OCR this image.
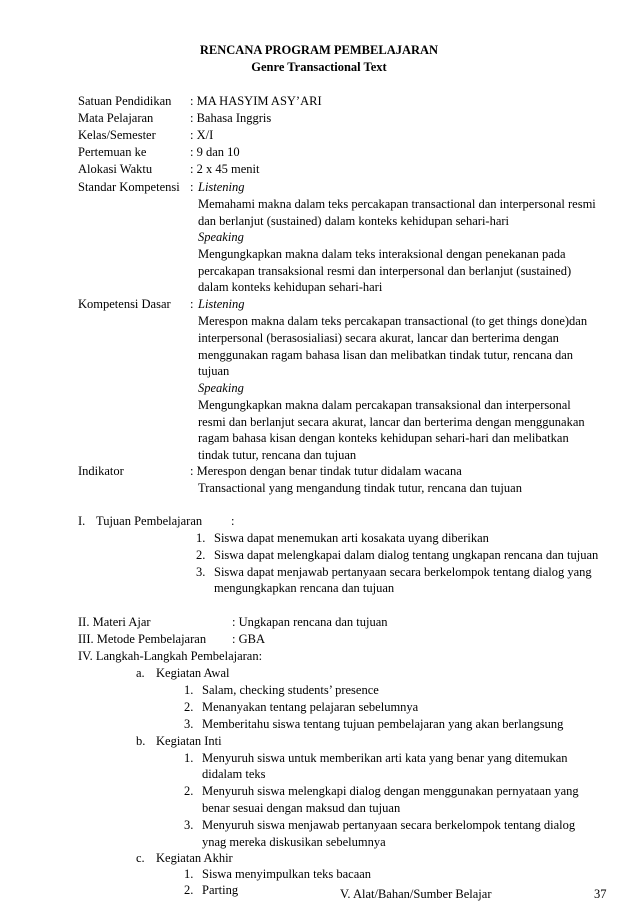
RENCANA PROGRAM PEMBELAJARAN
Genre Transactional Text
Satuan Pendidikan : MA HASYIM ASY’ARI
Mata Pelajaran	: Bahasa Inggris
Kelas/Semester	: X/I
Pertemuan ke	: 9 dan 10
Alokasi Waktu	: 2 x 45 menit
Standar Kompetensi : Listening
Memahami makna dalam teks percakapan transactional dan interpersonal resmi
dan berlanjut (sustained) dalam konteks kehidupan sehari-hari
Speaking
Mengungkapkan makna dalam teks interaksional dengan penekanan pada
percakapan transaksional resmi dan interpersonal dan berlanjut (sustained)
dalam konteks kehidupan sehari-hari
Kompetensi Dasar : Listening
Merespon makna dalam teks percakapan transactional (to get things done)dan
interpersonal (berasosialiasi) secara akurat, lancar dan berterima dengan
menggunakan ragam bahasa lisan dan melibatkan tindak tutur, rencana dan
tujuan
Speaking
Mengungkapkan makna dalam percakapan transaksional dan interpersonal
resmi dan berlanjut secara akurat, lancar dan berterima dengan menggunakan
ragam bahasa kisan dengan konteks kehidupan sehari-hari dan melibatkan
tindak tutur, rencana dan tujuan
Indikator	: Merespon dengan benar tindak tutur didalam wacana
Transactional yang mengandung tindak tutur, rencana dan tujuan
I. Tujuan Pembelajaran :
1. Siswa dapat menemukan arti kosakata uyang diberikan
2. Siswa dapat melengkapai dalam dialog tentang ungkapan rencana dan tujuan
3. Siswa dapat menjawab pertanyaan secara berkelompok tentang dialog yang
mengungkapkan rencana dan tujuan
II. Materi Ajar	: Ungkapan rencana dan tujuan
III. Metode Pembelajaran : GBA
IV. Langkah-Langkah Pembelajaran:
a. Kegiatan Awal
1. Salam, checking students’ presence
2. Menanyakan tentang pelajaran sebelumnya
3. Memberitahu siswa tentang tujuan pembelajaran yang akan berlangsung
b. Kegiatan Inti
1. Menyuruh siswa untuk memberikan arti kata yang benar yang ditemukan
didalam teks
2. Menyuruh siswa melengkapi dialog dengan menggunakan pernyataan yang
benar sesuai dengan maksud dan tujuan
3. Menyuruh siswa menjawab pertanyaan secara berkelompok tentang dialog
ynag mereka diskusikan sebelumnya
c. Kegiatan Akhir
1. Siswa menyimpulkan teks bacaan
2. Parting	V. Alat/Bahan/Sumber Belajar	37
